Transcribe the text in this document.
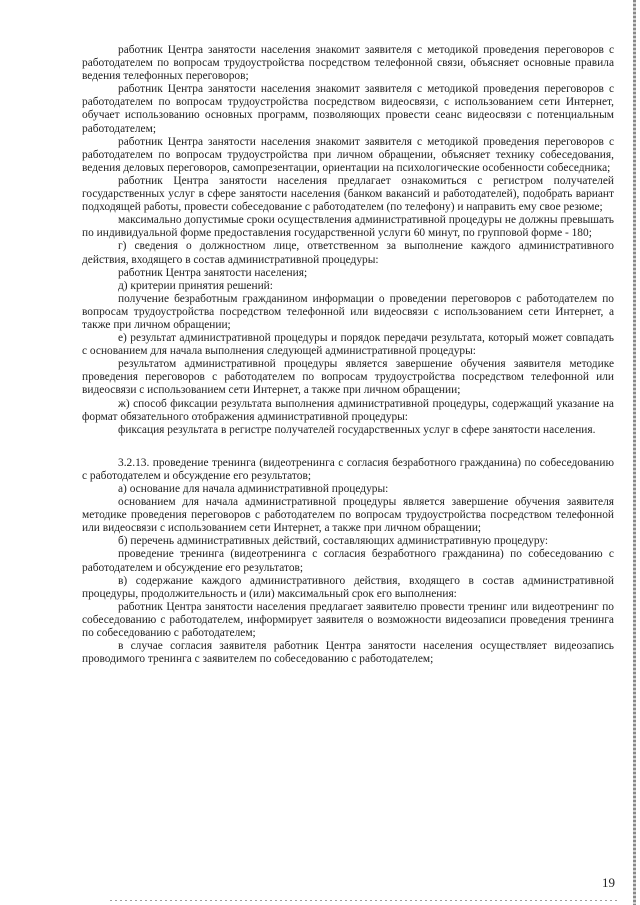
работник Центра занятости населения знакомит заявителя с методикой проведения переговоров с работодателем по вопросам трудоустройства посредством телефонной связи, объясняет основные правила ведения телефонных переговоров;

работник Центра занятости населения знакомит заявителя с методикой проведения переговоров с работодателем по вопросам трудоустройства посредством видеосвязи, с использованием сети Интернет, обучает использованию основных программ, позволяющих провести сеанс видеосвязи с потенциальным работодателем;

работник Центра занятости населения знакомит заявителя с методикой проведения переговоров с работодателем по вопросам трудоустройства при личном обращении, объясняет технику собеседования, ведения деловых переговоров, самопрезентации, ориентации на психологические особенности собеседника;

работник Центра занятости населения предлагает ознакомиться с регистром получателей государственных услуг в сфере занятости населения (банком вакансий и работодателей), подобрать вариант подходящей работы, провести собеседование с работодателем (по телефону) и направить ему свое резюме;

максимально допустимые сроки осуществления административной процедуры не должны превышать по индивидуальной форме предоставления государственной услуги 60 минут, по групповой форме - 180;

г) сведения о должностном лице, ответственном за выполнение каждого административного действия, входящего в состав административной процедуры:

работник Центра занятости населения;

д) критерии принятия решений:

получение безработным гражданином информации о проведении переговоров с работодателем по вопросам трудоустройства посредством телефонной или видеосвязи с использованием сети Интернет, а также при личном обращении;

е) результат административной процедуры и порядок передачи результата, который может совпадать с основанием для начала выполнения следующей административной процедуры:

результатом административной процедуры является завершение обучения заявителя методике проведения переговоров с работодателем по вопросам трудоустройства посредством телефонной или видеосвязи с использованием сети Интернет, а также при личном обращении;

ж) способ фиксации результата выполнения административной процедуры, содержащий указание на формат обязательного отображения административной процедуры:

фиксация результата в регистре получателей государственных услуг в сфере занятости населения.

3.2.13. проведение тренинга (видеотренинга с согласия безработного гражданина) по собеседованию с работодателем и обсуждение его результатов;

а) основание для начала административной процедуры:

основанием для начала административной процедуры является завершение обучения заявителя методике проведения переговоров с работодателем по вопросам трудоустройства посредством телефонной или видеосвязи с использованием сети Интернет, а также при личном обращении;

б) перечень административных действий, составляющих административную процедуру:

проведение тренинга (видеотренинга с согласия безработного гражданина) по собеседованию с работодателем и обсуждение его результатов;

в) содержание каждого административного действия, входящего в состав административной процедуры, продолжительность и (или) максимальный срок его выполнения:

работник Центра занятости населения предлагает заявителю провести тренинг или видеотренинг по собеседованию с работодателем, информирует заявителя о возможности видеозаписи проведения тренинга по собеседованию с работодателем;

в случае согласия заявителя работник Центра занятости населения осуществляет видеозапись проводимого тренинга с заявителем по собеседованию с работодателем;

19
